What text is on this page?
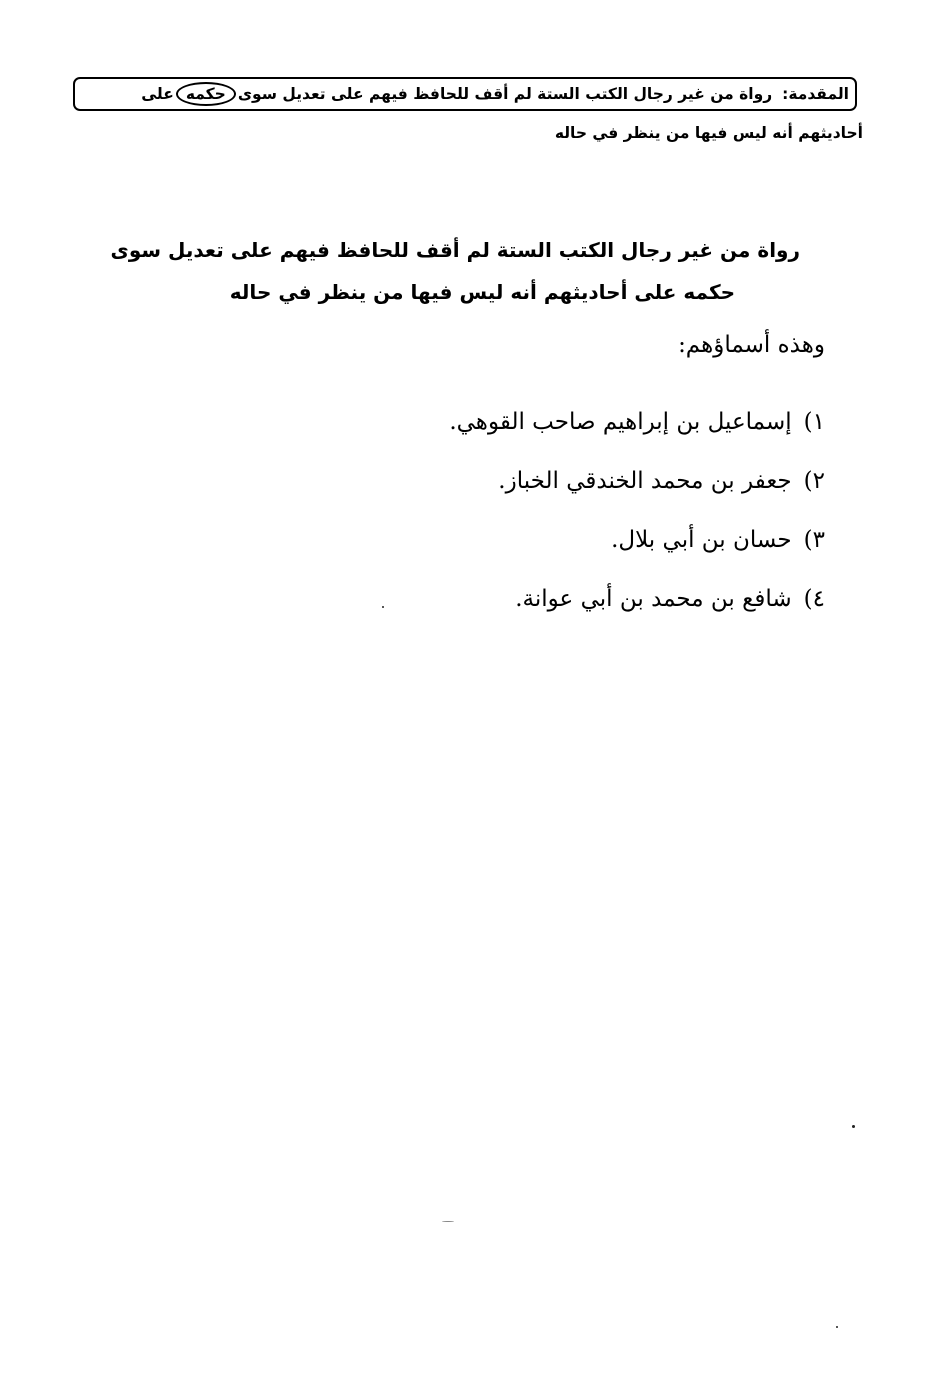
المقدمة:
رواة من غير رجال الكتب الستة لم أقف للحافظ فيهم على تعديل سوى
حكمه
على
أحاديثهم أنه ليس فيها من ينظر في حاله
رواة من غير رجال الكتب الستة لم أقف للحافظ فيهم على تعديل سوى
حكمه على أحاديثهم أنه ليس فيها من ينظر في حاله
وهذه أسماؤهم:
١)
إسماعيل بن إبراهيم صاحب القوهي.
٢)
جعفر بن محمد الخندقي الخباز.
٣)
حسان بن أبي بلال.
٤)
شافع بن محمد بن أبي عوانة.
